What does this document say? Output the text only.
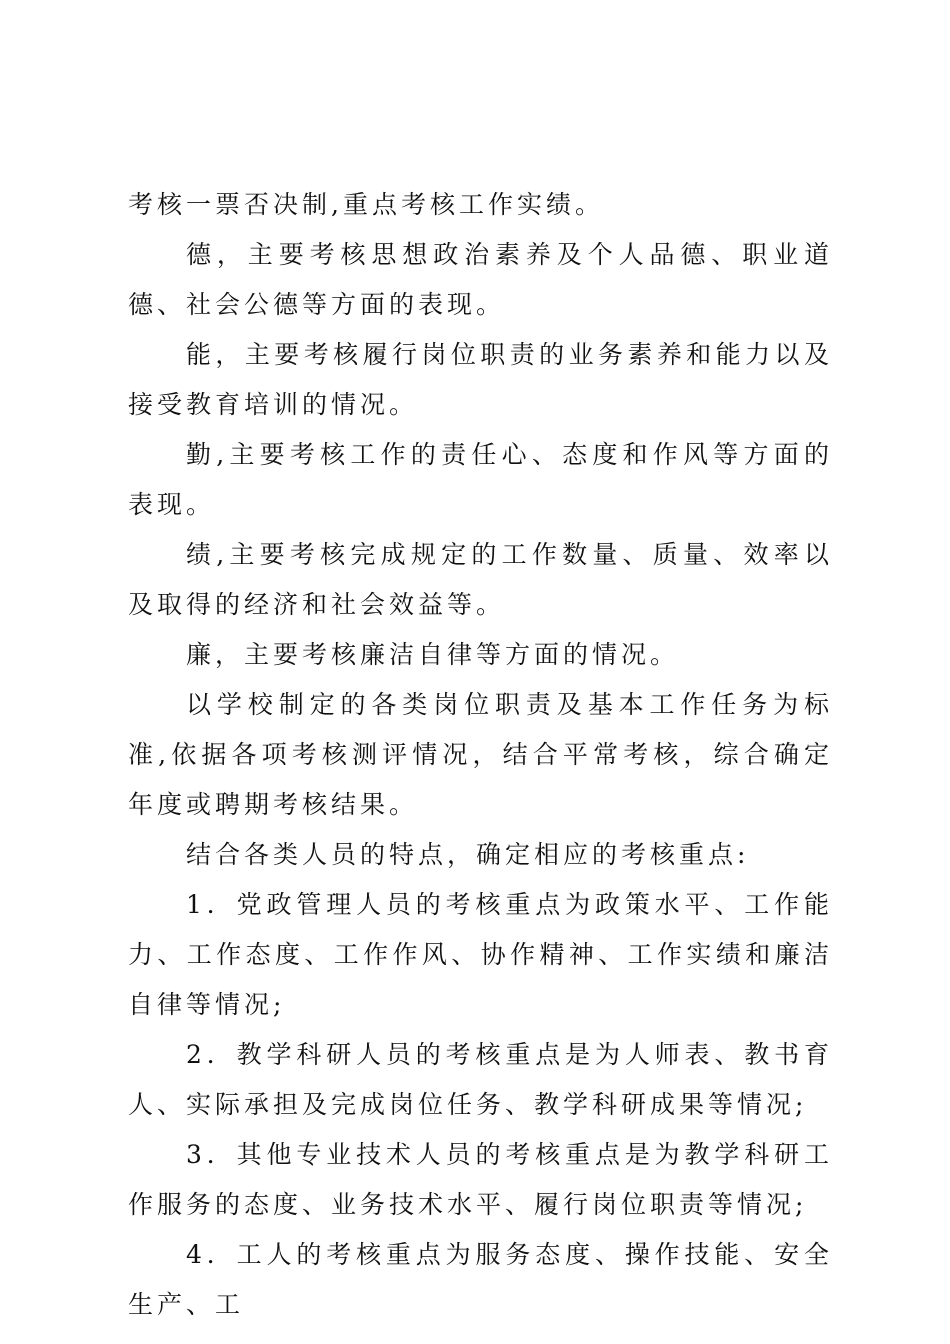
考核一票否决制,重点考核工作实绩。

德，主要考核思想政治素养及个人品德、职业道德、社会公德等方面的表现。

能，主要考核履行岗位职责的业务素养和能力以及接受教育培训的情况。

勤,主要考核工作的责任心、态度和作风等方面的表现。

绩,主要考核完成规定的工作数量、质量、效率以及取得的经济和社会效益等。

廉，主要考核廉洁自律等方面的情况。

以学校制定的各类岗位职责及基本工作任务为标准,依据各项考核测评情况，结合平常考核，综合确定年度或聘期考核结果。

结合各类人员的特点，确定相应的考核重点:

1．党政管理人员的考核重点为政策水平、工作能力、工作态度、工作作风、协作精神、工作实绩和廉洁自律等情况;

2．教学科研人员的考核重点是为人师表、教书育人、实际承担及完成岗位任务、教学科研成果等情况;

3．其他专业技术人员的考核重点是为教学科研工作服务的态度、业务技术水平、履行岗位职责等情况;

4．工人的考核重点为服务态度、操作技能、安全生产、工
